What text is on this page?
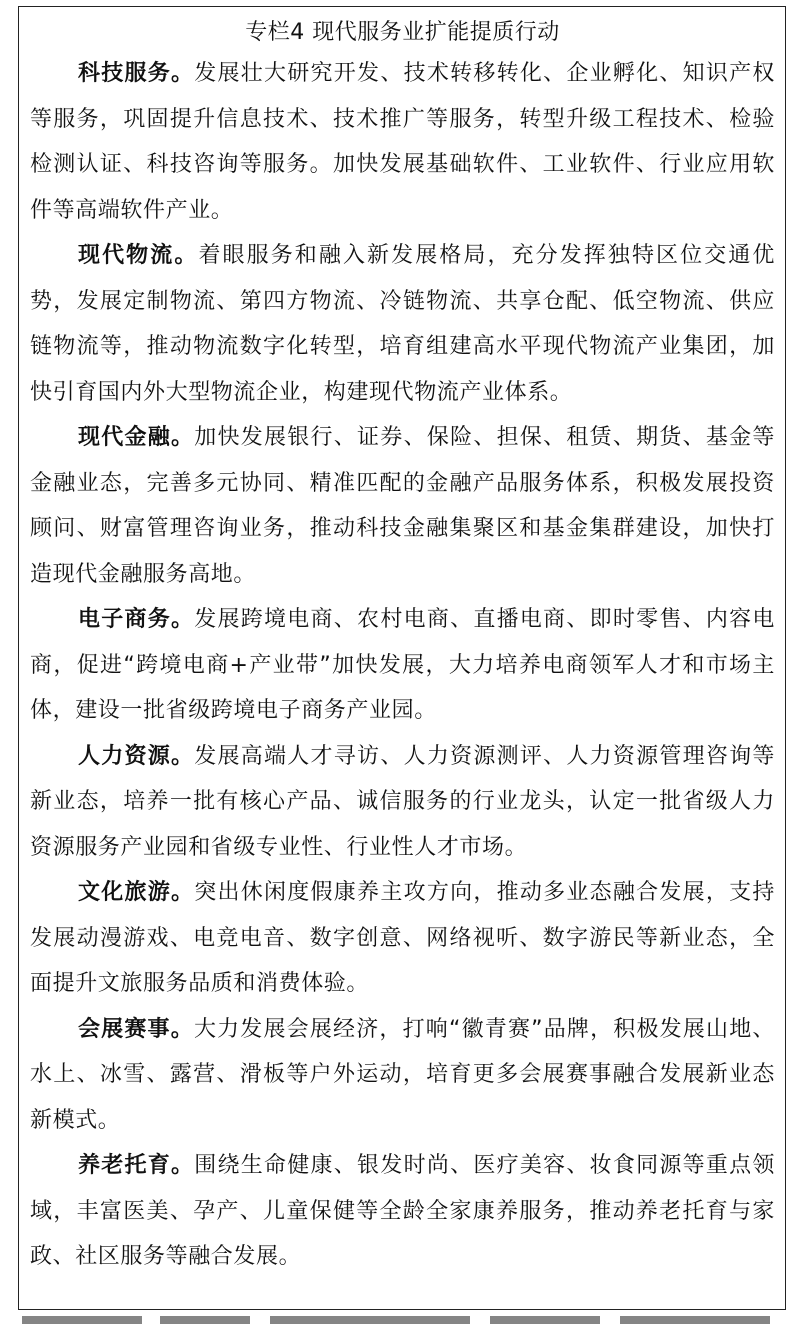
专栏4 现代服务业扩能提质行动

科技服务。发展壮大研究开发、技术转移转化、企业孵化、知识产权等服务，巩固提升信息技术、技术推广等服务，转型升级工程技术、检验检测认证、科技咨询等服务。加快发展基础软件、工业软件、行业应用软件等高端软件产业。

现代物流。着眼服务和融入新发展格局，充分发挥独特区位交通优势，发展定制物流、第四方物流、冷链物流、共享仓配、低空物流、供应链物流等，推动物流数字化转型，培育组建高水平现代物流产业集团，加快引育国内外大型物流企业，构建现代物流产业体系。

现代金融。加快发展银行、证券、保险、担保、租赁、期货、基金等金融业态，完善多元协同、精准匹配的金融产品服务体系，积极发展投资顾问、财富管理咨询业务，推动科技金融集聚区和基金集群建设，加快打造现代金融服务高地。

电子商务。发展跨境电商、农村电商、直播电商、即时零售、内容电商，促进“跨境电商+产业带”加快发展，大力培养电商领军人才和市场主体，建设一批省级跨境电子商务产业园。

人力资源。发展高端人才寻访、人力资源测评、人力资源管理咨询等新业态，培养一批有核心产品、诚信服务的行业龙头，认定一批省级人力资源服务产业园和省级专业性、行业性人才市场。

文化旅游。突出休闲度假康养主攻方向，推动多业态融合发展，支持发展动漫游戏、电竞电音、数字创意、网络视听、数字游民等新业态，全面提升文旅服务品质和消费体验。

会展赛事。大力发展会展经济，打响“徽青赛”品牌，积极发展山地、水上、冰雪、露营、滑板等户外运动，培育更多会展赛事融合发展新业态新模式。

养老托育。围绕生命健康、银发时尚、医疗美容、妆食同源等重点领域，丰富医美、孕产、儿童保健等全龄全家康养服务，推动养老托育与家政、社区服务等融合发展。
